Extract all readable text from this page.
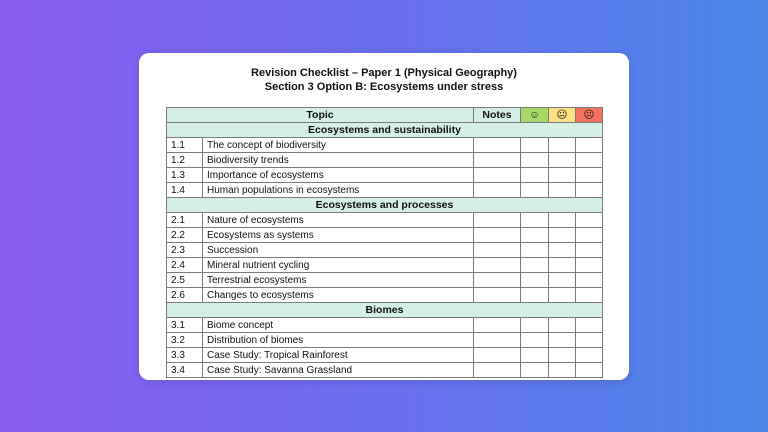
Revision Checklist – Paper 1 (Physical Geography)
Section 3 Option B: Ecosystems under stress
Topic		Notes	☺	😐	☹
Ecosystems and sustainability					
1.1	The concept of biodiversity				
1.2	Biodiversity trends				
1.3	Importance of ecosystems				
1.4	Human populations in ecosystems				
Ecosystems and processes					
2.1	Nature of ecosystems				
2.2	Ecosystems as systems				
2.3	Succession				
2.4	Mineral nutrient cycling				
2.5	Terrestrial ecosystems				
2.6	Changes to ecosystems				
Biomes					
3.1	Biome concept				
3.2	Distribution of biomes				
3.3	Case Study: Tropical Rainforest				
3.4	Case Study: Savanna Grassland				
